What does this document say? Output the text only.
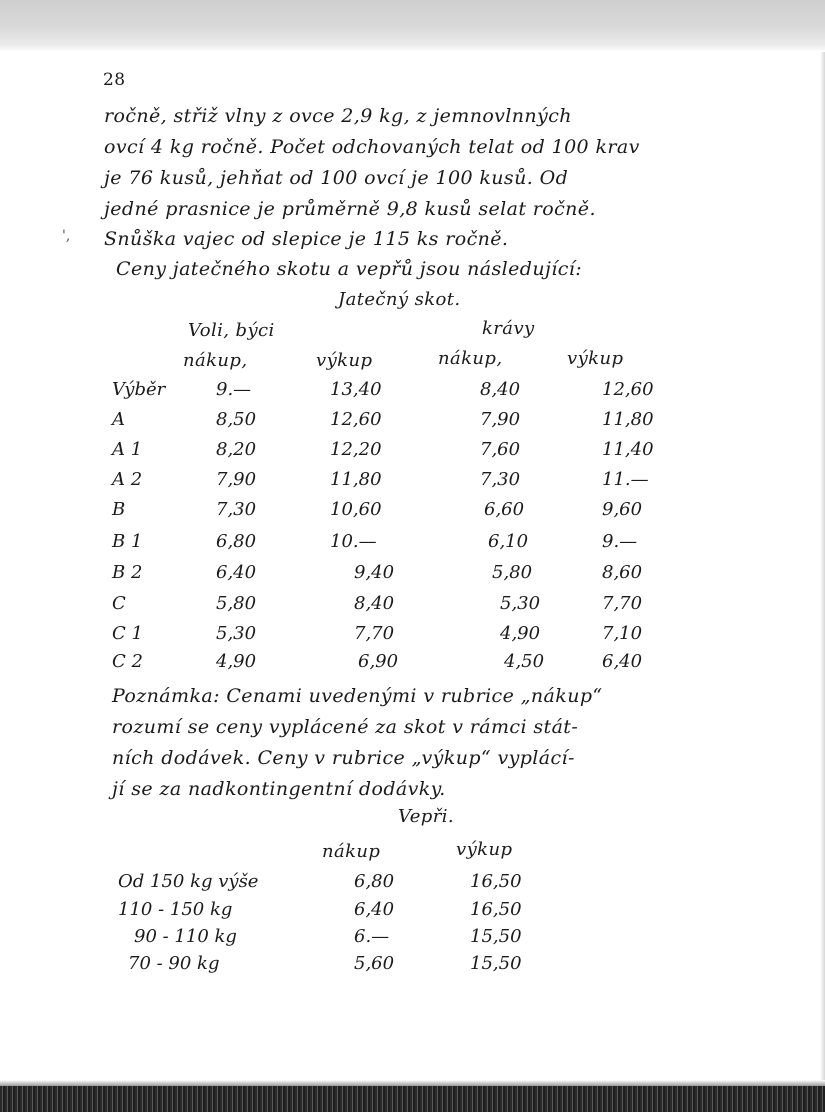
28
ročně, střiž vlny z ovce 2,9 kg, z jemnovlnných
ovcí 4 kg ročně. Počet odchovaných telat od 100 krav
je 76 kusů, jehňat od 100 ovcí je 100 kusů. Od
jedné prasnice je průměrně 9,8 kusů selat ročně.
Snůška vajec od slepice je 115 ks ročně.
Ceny jatečného skotu a vepřů jsou následující:
',
Jatečný skot.
Voli, býci	krávy
nákup,	výkup	nákup,	výkup
Výběr	9.—	13,40	8,40	12,60
A	8,50	12,60	7,90	11,80
A 1	8,20	12,20	7,60	11,40
A 2	7,90	11,80	7,30	11.—
B	7,30	10,60	6,60	9,60
B 1	6,80	10.—	6,10	9.—
B 2	6,40	9,40	5,80	8,60
C	5,80	8,40	5,30	7,70
C 1	5,30	7,70	4,90	7,10
C 2	4,90	6,90	4,50	6,40
Poznámka: Cenami uvedenými v rubrice „nákup“
rozumí se ceny vyplácené za skot v rámci stát-
ních dodávek. Ceny v rubrice „výkup“ vyplácí-
jí se za nadkontingentní dodávky.
Vepři.
nákup	výkup
Od 150 kg výše	6,80	16,50
110 - 150 kg	6,40	16,50
90 - 110 kg	6.—	15,50
70 - 90 kg	5,60	15,50
